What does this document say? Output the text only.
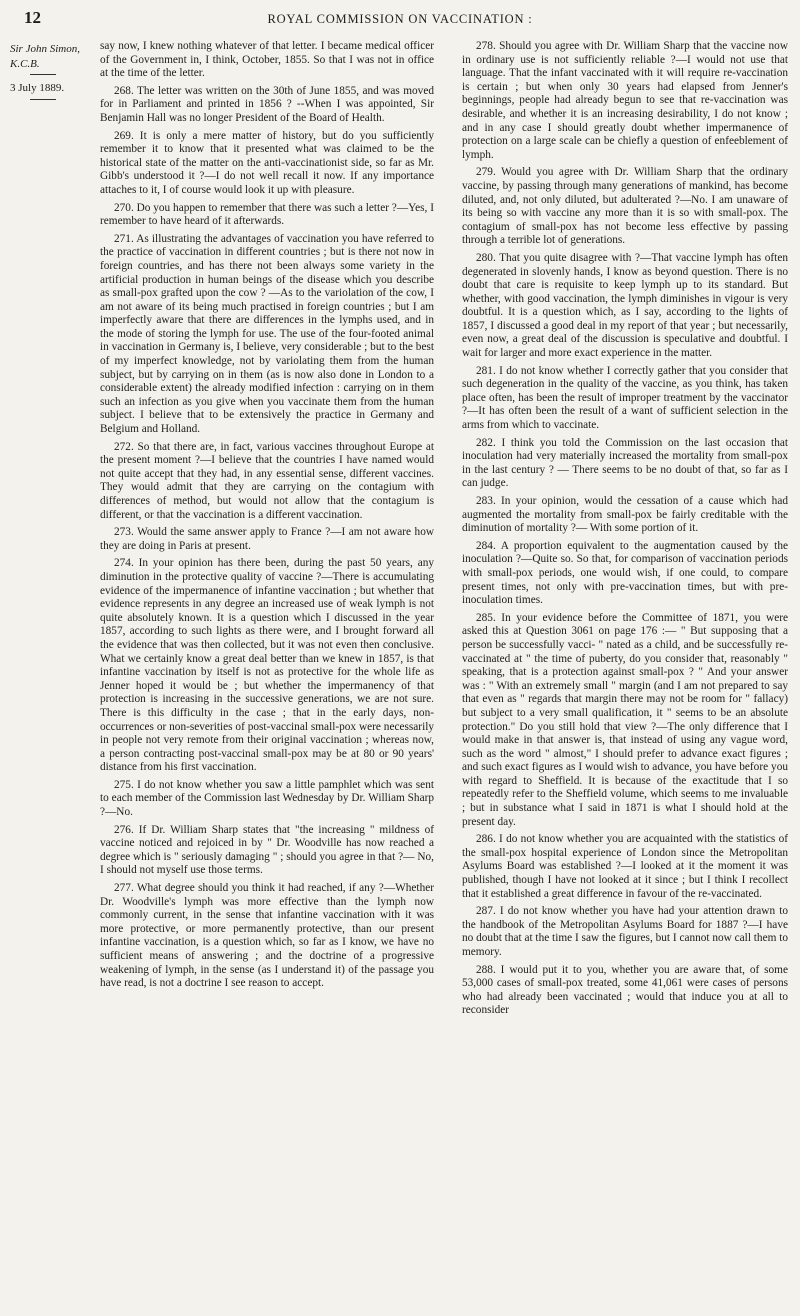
12	ROYAL COMMISSION ON VACCINATION :
Sir John Simon, K.C.B.
3 July 1889.

say now, I knew nothing whatever of that letter. I became medical officer of the Government in, I think, October, 1855. So that I was not in office at the time of the letter.

268. The letter was written on the 30th of June 1855, and was moved for in Parliament and printed in 1856 ? --When I was appointed, Sir Benjamin Hall was no longer President of the Board of Health.

269. It is only a mere matter of history, but do you sufficiently remember it to know that it presented what was claimed to be the historical state of the matter on the anti-vaccinationist side, so far as Mr. Gibb's understood it ?—I do not well recall it now. If any importance attaches to it, I of course would look it up with pleasure.

270. Do you happen to remember that there was such a letter ?—Yes, I remember to have heard of it afterwards.

271. As illustrating the advantages of vaccination you have referred to the practice of vaccination in different countries ; but is there not now in foreign countries, and has there not been always some variety in the artificial production in human beings of the disease which you describe as small-pox grafted upon the cow ? —As to the variolation of the cow, I am not aware of its being much practised in foreign countries ; but I am imperfectly aware that there are differences in the lymphs used, and in the mode of storing the lymph for use. The use of the four-footed animal in vaccination in Germany is, I believe, very considerable ; but to the best of my imperfect knowledge, not by variolating them from the human subject, but by carrying on in them (as is now also done in London to a considerable extent) the already modified infection : carrying on in them such an infection as you give when you vaccinate them from the human subject. I believe that to be extensively the practice in Germany and Belgium and Holland.

272. So that there are, in fact, various vaccines throughout Europe at the present moment ?—I believe that the countries I have named would not quite accept that they had, in any essential sense, different vaccines. They would admit that they are carrying on the contagium with differences of method, but would not allow that the contagium is different, or that the vaccination is a different vaccination.

273. Would the same answer apply to France ?—I am not aware how they are doing in Paris at present.

274. In your opinion has there been, during the past 50 years, any diminution in the protective quality of vaccine ?—There is accumulating evidence of the impermanence of infantine vaccination ; but whether that evidence represents in any degree an increased use of weak lymph is not quite absolutely known. It is a question which I discussed in the year 1857, according to such lights as there were, and I brought forward all the evidence that was then collected, but it was not even then conclusive. What we certainly know a great deal better than we knew in 1857, is that infantine vaccination by itself is not as protective for the whole life as Jenner hoped it would be ; but whether the impermanency of that protection is increasing in the successive generations, we are not sure. There is this difficulty in the case ; that in the early days, non-occurrences or non-severities of post-vaccinal small-pox were necessarily in people not very remote from their original vaccination ; whereas now, a person contracting post-vaccinal small-pox may be at 80 or 90 years' distance from his first vaccination.

275. I do not know whether you saw a little pamphlet which was sent to each member of the Commission last Wednesday by Dr. William Sharp ?—No.

276. If Dr. William Sharp states that "the increasing " mildness of vaccine noticed and rejoiced in by " Dr. Woodville has now reached a degree which is " seriously damaging " ; should you agree in that ?— No, I should not myself use those terms.

277. What degree should you think it had reached, if any ?—Whether Dr. Woodville's lymph was more effective than the lymph now commonly current, in the sense that infantine vaccination with it was more protective, or more permanently protective, than our present infantine vaccination, is a question which, so far as I know, we have no sufficient means of answering ; and the doctrine of a progressive weakening of lymph, in the sense (as I understand it) of the passage you have read, is not a doctrine I see reason to accept.

278. Should you agree with Dr. William Sharp that the vaccine now in ordinary use is not sufficiently reliable ?—I would not use that language. That the infant vaccinated with it will require re-vaccination is certain ; but when only 30 years had elapsed from Jenner's beginnings, people had already begun to see that re-vaccination was desirable, and whether it is an increasing desirability, I do not know ; and in any case I should greatly doubt whether impermanence of protection on a large scale can be chiefly a question of enfeeblement of lymph.

279. Would you agree with Dr. William Sharp that the ordinary vaccine, by passing through many generations of mankind, has become diluted, and, not only diluted, but adulterated ?—No. I am unaware of its being so with vaccine any more than it is so with small-pox. The contagium of small-pox has not become less effective by passing through a terrible lot of generations.

280. That you quite disagree with ?—That vaccine lymph has often degenerated in slovenly hands, I know as beyond question. There is no doubt that care is requisite to keep lymph up to its standard. But whether, with good vaccination, the lymph diminishes in vigour is very doubtful. It is a question which, as I say, according to the lights of 1857, I discussed a good deal in my report of that year ; but necessarily, even now, a great deal of the discussion is speculative and doubtful. I wait for larger and more exact experience in the matter.

281. I do not know whether I correctly gather that you consider that such degeneration in the quality of the vaccine, as you think, has taken place often, has been the result of improper treatment by the vaccinator ?—It has often been the result of a want of sufficient selection in the arms from which to vaccinate.

282. I think you told the Commission on the last occasion that inoculation had very materially increased the mortality from small-pox in the last century ? — There seems to be no doubt of that, so far as I can judge.

283. In your opinion, would the cessation of a cause which had augmented the mortality from small-pox be fairly creditable with the diminution of mortality ?— With some portion of it.

284. A proportion equivalent to the augmentation caused by the inoculation ?—Quite so. So that, for comparison of vaccination periods with small-pox periods, one would wish, if one could, to compare present times, not only with pre-vaccination times, but with pre-inoculation times.

285. In your evidence before the Committee of 1871, you were asked this at Question 3061 on page 176 :— " But supposing that a person be successfully vacci- " nated as a child, and be successfully re-vaccinated at " the time of puberty, do you consider that, reasonably " speaking, that is a protection against small-pox ? " And your answer was : " With an extremely small " margin (and I am not prepared to say that even as " regards that margin there may not be room for " fallacy) but subject to a very small qualification, it " seems to be an absolute protection." Do you still hold that view ?—The only difference that I would make in that answer is, that instead of using any vague word, such as the word " almost," I should prefer to advance exact figures ; and such exact figures as I would wish to advance, you have before you with regard to Sheffield. It is because of the exactitude that I so repeatedly refer to the Sheffield volume, which seems to me invaluable ; but in substance what I said in 1871 is what I should hold at the present day.

286. I do not know whether you are acquainted with the statistics of the small-pox hospital experience of London since the Metropolitan Asylums Board was established ?—I looked at it the moment it was published, though I have not looked at it since ; but I think I recollect that it established a great difference in favour of the re-vaccinated.

287. I do not know whether you have had your attention drawn to the handbook of the Metropolitan Asylums Board for 1887 ?—I have no doubt that at the time I saw the figures, but I cannot now call them to memory.

288. I would put it to you, whether you are aware that, of some 53,000 cases of small-pox treated, some 41,061 were cases of persons who had already been vaccinated ; would that induce you at all to reconsider
